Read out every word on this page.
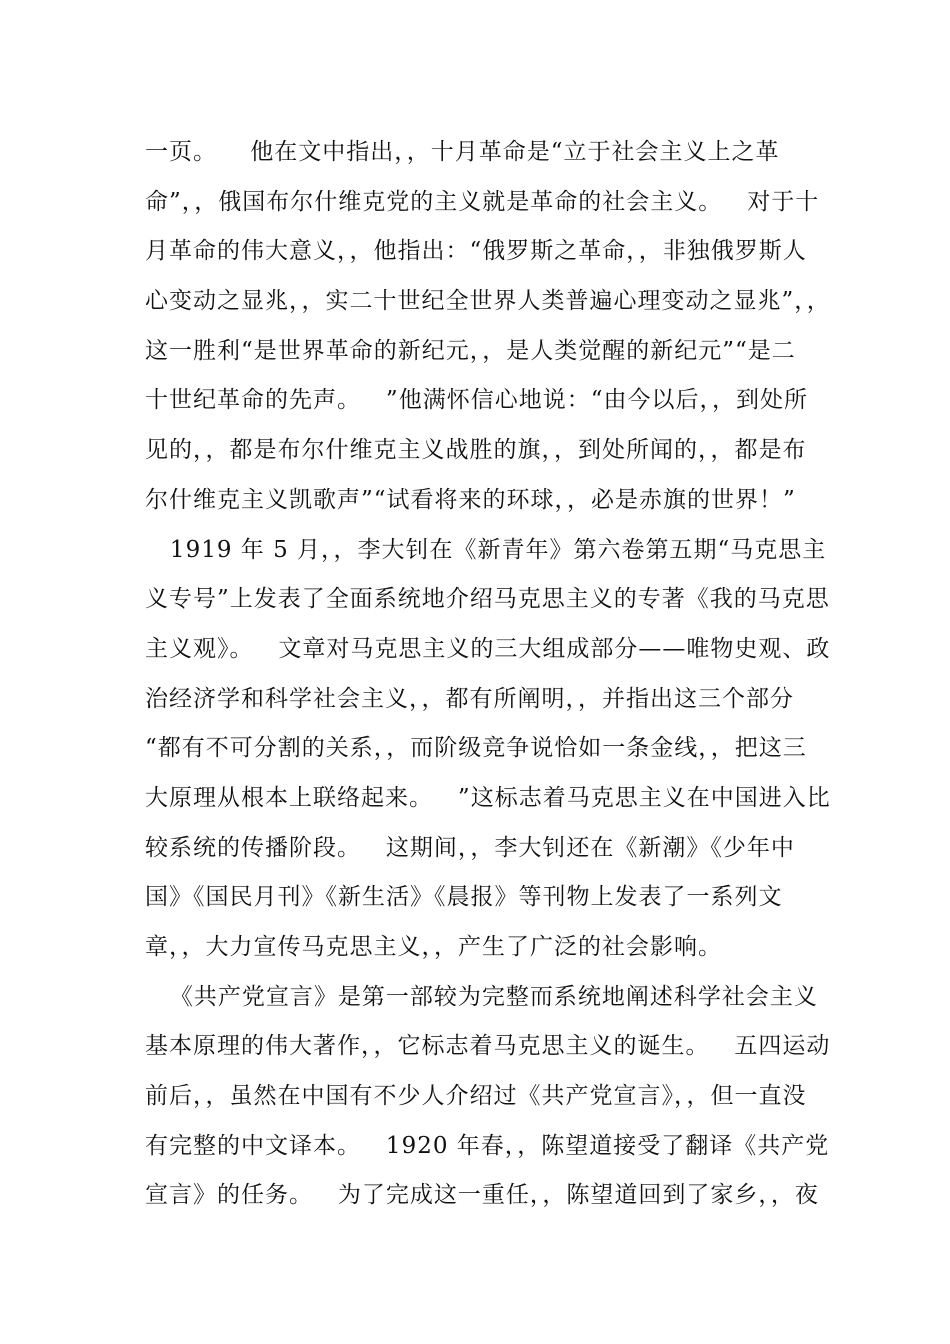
一页。    他在文中指出，，十月革命是“立于社会主义上之革
命”，，俄国布尔什维克党的主义就是革命的社会主义。   对于十
月革命的伟大意义，，他指出：“俄罗斯之革命，，非独俄罗斯人
心变动之显兆，，实二十世纪全世界人类普遍心理变动之显兆”，，
这一胜利“是世界革命的新纪元，，是人类觉醒的新纪元”“是二
十世纪革命的先声。   ”他满怀信心地说：“由今以后，，到处所
见的，，都是布尔什维克主义战胜的旗，，到处所闻的，，都是布
尔什维克主义凯歌声”“试看将来的环球，，必是赤旗的世界！”
1919 年 5 月，，李大钊在《新青年》第六卷第五期“马克思主
义专号”上发表了全面系统地介绍马克思主义的专著《我的马克思
主义观》。   文章对马克思主义的三大组成部分——唯物史观、政
治经济学和科学社会主义，，都有所阐明，，并指出这三个部分
“都有不可分割的关系，，而阶级竞争说恰如一条金线，，把这三
大原理从根本上联络起来。   ”这标志着马克思主义在中国进入比
较系统的传播阶段。   这期间，，李大钊还在《新潮》《少年中
国》《国民月刊》《新生活》《晨报》等刊物上发表了一系列文
章，，大力宣传马克思主义，，产生了广泛的社会影响。
《共产党宣言》是第一部较为完整而系统地阐述科学社会主义
基本原理的伟大著作，，它标志着马克思主义的诞生。   五四运动
前后，，虽然在中国有不少人介绍过《共产党宣言》，，但一直没
有完整的中文译本。   1920 年春，，陈望道接受了翻译《共产党
宣言》的任务。   为了完成这一重任，，陈望道回到了家乡，，夜
